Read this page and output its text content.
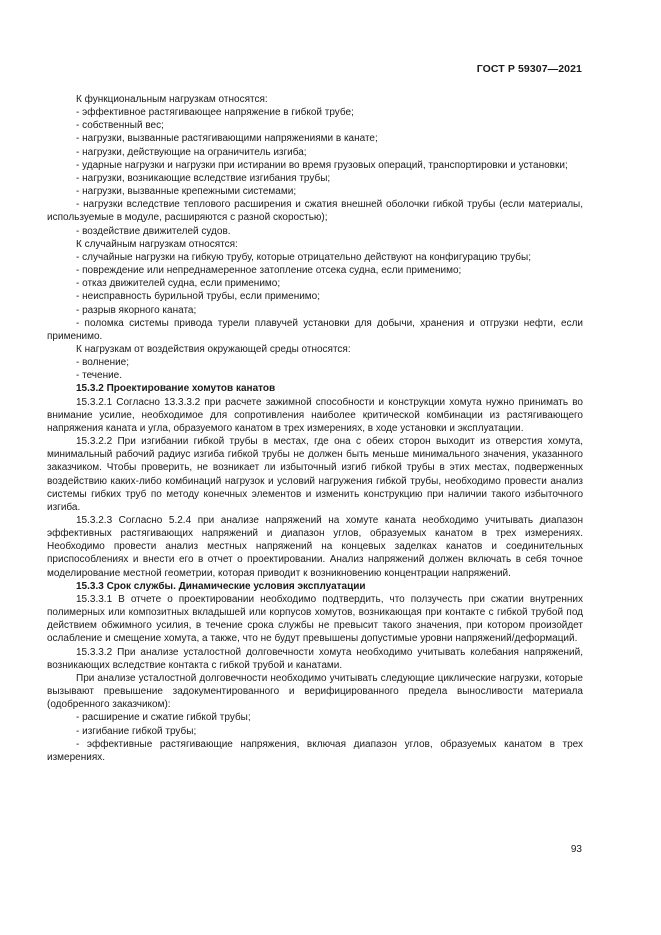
ГОСТ Р 59307—2021

К функциональным нагрузкам относятся:

- эффективное растягивающее напряжение в гибкой трубе;

- собственный вес;

- нагрузки, вызванные растягивающими напряжениями в канате;

- нагрузки, действующие на ограничитель изгиба;

- ударные нагрузки и нагрузки при истирании во время грузовых операций, транспортировки и установки;

- нагрузки, возникающие вследствие изгибания трубы;

- нагрузки, вызванные крепежными системами;

- нагрузки вследствие теплового расширения и сжатия внешней оболочки гибкой трубы (если материалы, используемые в модуле, расширяются с разной скоростью);

- воздействие движителей судов.

К случайным нагрузкам относятся:

- случайные нагрузки на гибкую трубу, которые отрицательно действуют на конфигурацию трубы;

- повреждение или непреднамеренное затопление отсека судна, если применимо;

- отказ движителей судна, если применимо;

- неисправность бурильной трубы, если применимо;

- разрыв якорного каната;

- поломка системы привода турели плавучей установки для добычи, хранения и отгрузки нефти, если применимо.

К нагрузкам от воздействия окружающей среды относятся:

- волнение;

- течение.

15.3.2 Проектирование хомутов канатов

15.3.2.1 Согласно 13.3.3.2 при расчете зажимной способности и конструкции хомута нужно принимать во внимание усилие, необходимое для сопротивления наиболее критической комбинации из растягивающего напряжения каната и угла, образуемого канатом в трех измерениях, в ходе установки и эксплуатации.

15.3.2.2 При изгибании гибкой трубы в местах, где она с обеих сторон выходит из отверстия хомута, минимальный рабочий радиус изгиба гибкой трубы не должен быть меньше минимального значения, указанного заказчиком. Чтобы проверить, не возникает ли избыточный изгиб гибкой трубы в этих местах, подверженных воздействию каких-либо комбинаций нагрузок и условий нагружения гибкой трубы, необходимо провести анализ системы гибких труб по методу конечных элементов и изменить конструкцию при наличии такого избыточного изгиба.

15.3.2.3 Согласно 5.2.4 при анализе напряжений на хомуте каната необходимо учитывать диапазон эффективных растягивающих напряжений и диапазон углов, образуемых канатом в трех измерениях. Необходимо провести анализ местных напряжений на концевых заделках канатов и соединительных приспособлениях и внести его в отчет о проектировании. Анализ напряжений должен включать в себя точное моделирование местной геометрии, которая приводит к возникновению концентрации напряжений.

15.3.3 Срок службы. Динамические условия эксплуатации

15.3.3.1 В отчете о проектировании необходимо подтвердить, что ползучесть при сжатии внутренних полимерных или композитных вкладышей или корпусов хомутов, возникающая при контакте с гибкой трубой под действием обжимного усилия, в течение срока службы не превысит такого значения, при котором произойдет ослабление и смещение хомута, а также, что не будут превышены допустимые уровни напряжений/деформаций.

15.3.3.2 При анализе усталостной долговечности хомута необходимо учитывать колебания напряжений, возникающих вследствие контакта с гибкой трубой и канатами.

При анализе усталостной долговечности необходимо учитывать следующие циклические нагрузки, которые вызывают превышение задокументированного и верифицированного предела выносливости материала (одобренного заказчиком):

- расширение и сжатие гибкой трубы;

- изгибание гибкой трубы;

- эффективные растягивающие напряжения, включая диапазон углов, образуемых канатом в трех измерениях.

93
